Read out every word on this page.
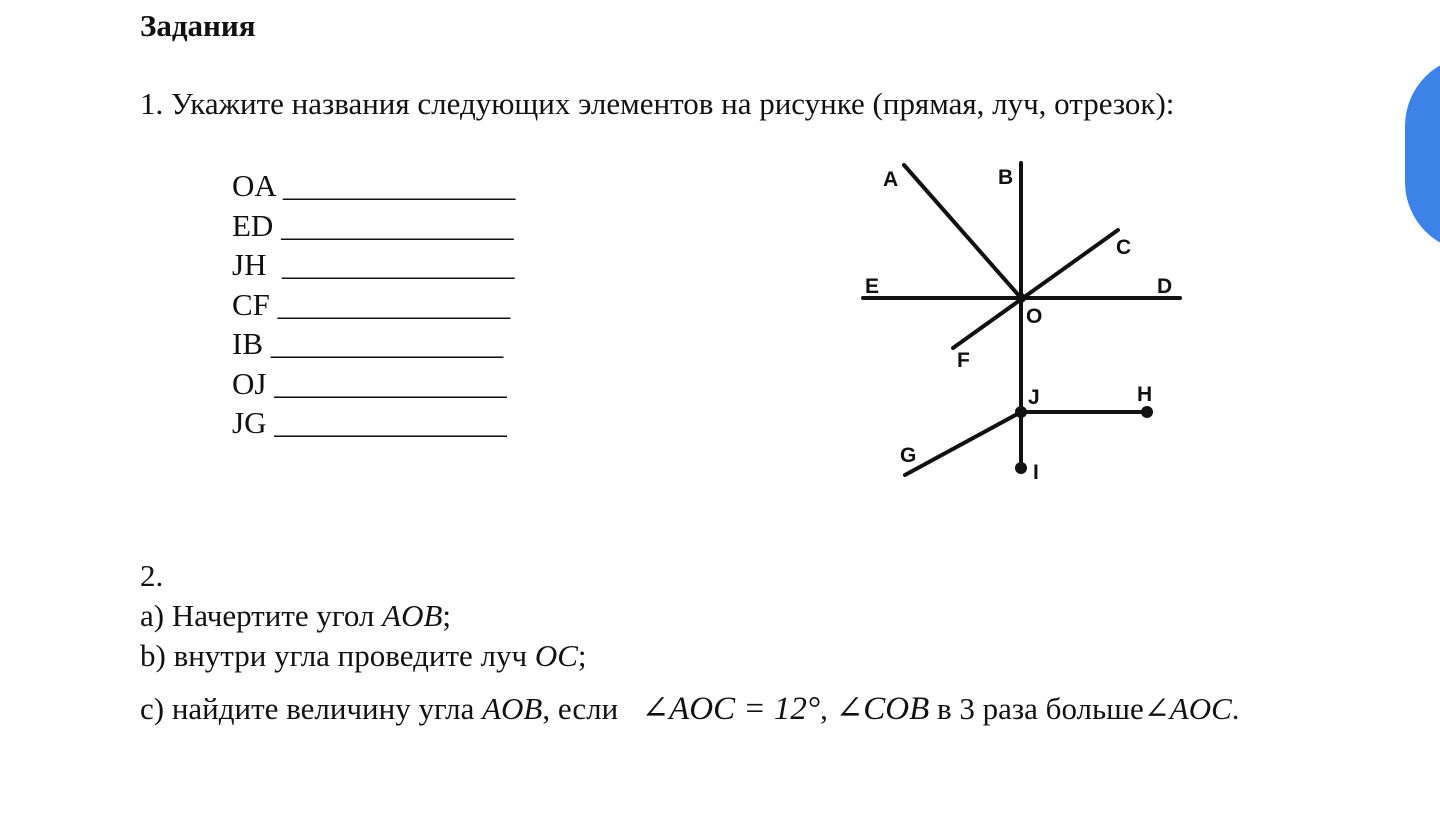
Задания
1. Укажите названия следующих элементов на рисунке (прямая, луч, отрезок):
OA _______________
ED _______________
JH _______________
CF _______________
IB _______________
OJ _______________
JG _______________
A	B
C
D
E
O
F
J	H
G
I
2.
а) Начертите угол AOB;
b) внутри угла проведите луч OC;
с) найдите величину угла AOB, если   ∠AOC = 12°, ∠COB в 3 раза больше∠AOC.
